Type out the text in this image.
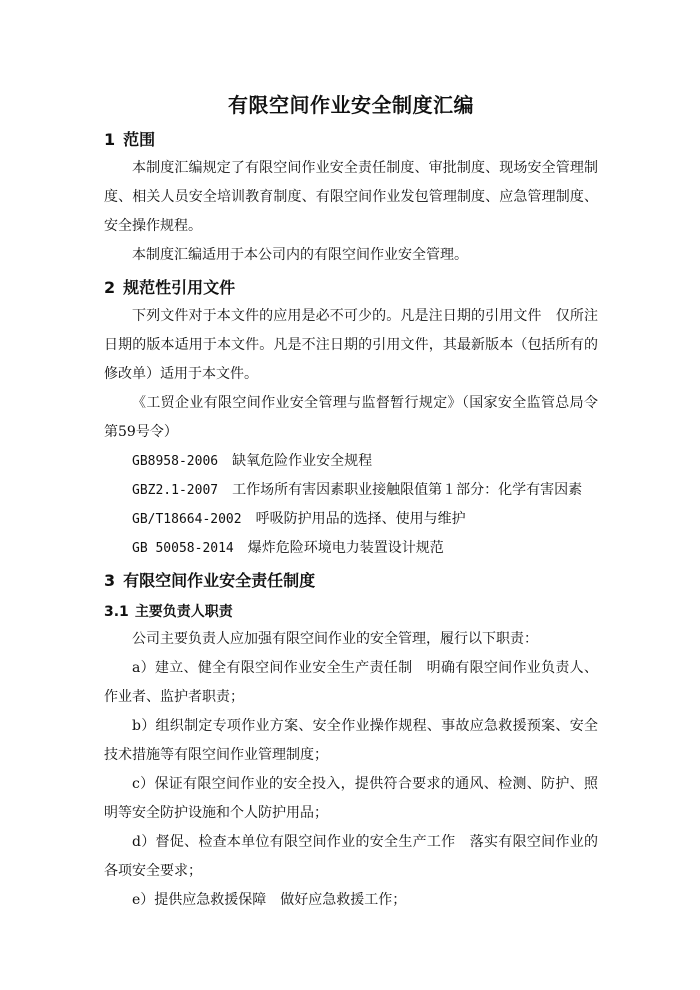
有限空间作业安全制度汇编
1 范围

本制度汇编规定了有限空间作业安全责任制度、审批制度、现场安全管理制度、相关人员安全培训教育制度、有限空间作业发包管理制度、应急管理制度、安全操作规程。

本制度汇编适用于本公司内的有限空间作业安全管理。

2 规范性引用文件

下列文件对于本文件的应用是必不可少的。凡是注日期的引用文件　仅所注日期的版本适用于本文件。凡是不注日期的引用文件，其最新版本（包括所有的修改单）适用于本文件。

《工贸企业有限空间作业安全管理与监督暂行规定》（国家安全监管总局令第59号令）

GB8958-2006 缺氧危险作业安全规程
GBZ2.1-2007 工作场所有害因素职业接触限值第１部分：化学有害因素
GB/T18664-2002 呼吸防护用品的选择、使用与维护
GB 50058-2014 爆炸危险环境电力装置设计规范
3 有限空间作业安全责任制度
3.1 主要负责人职责

公司主要负责人应加强有限空间作业的安全管理，履行以下职责：

a）建立、健全有限空间作业安全生产责任制　明确有限空间作业负责人、作业者、监护者职责；

b）组织制定专项作业方案、安全作业操作规程、事故应急救援预案、安全技术措施等有限空间作业管理制度；

c）保证有限空间作业的安全投入，提供符合要求的通风、检测、防护、照明等安全防护设施和个人防护用品；

d）督促、检查本单位有限空间作业的安全生产工作　落实有限空间作业的各项安全要求；

e）提供应急救援保障　做好应急救援工作；
